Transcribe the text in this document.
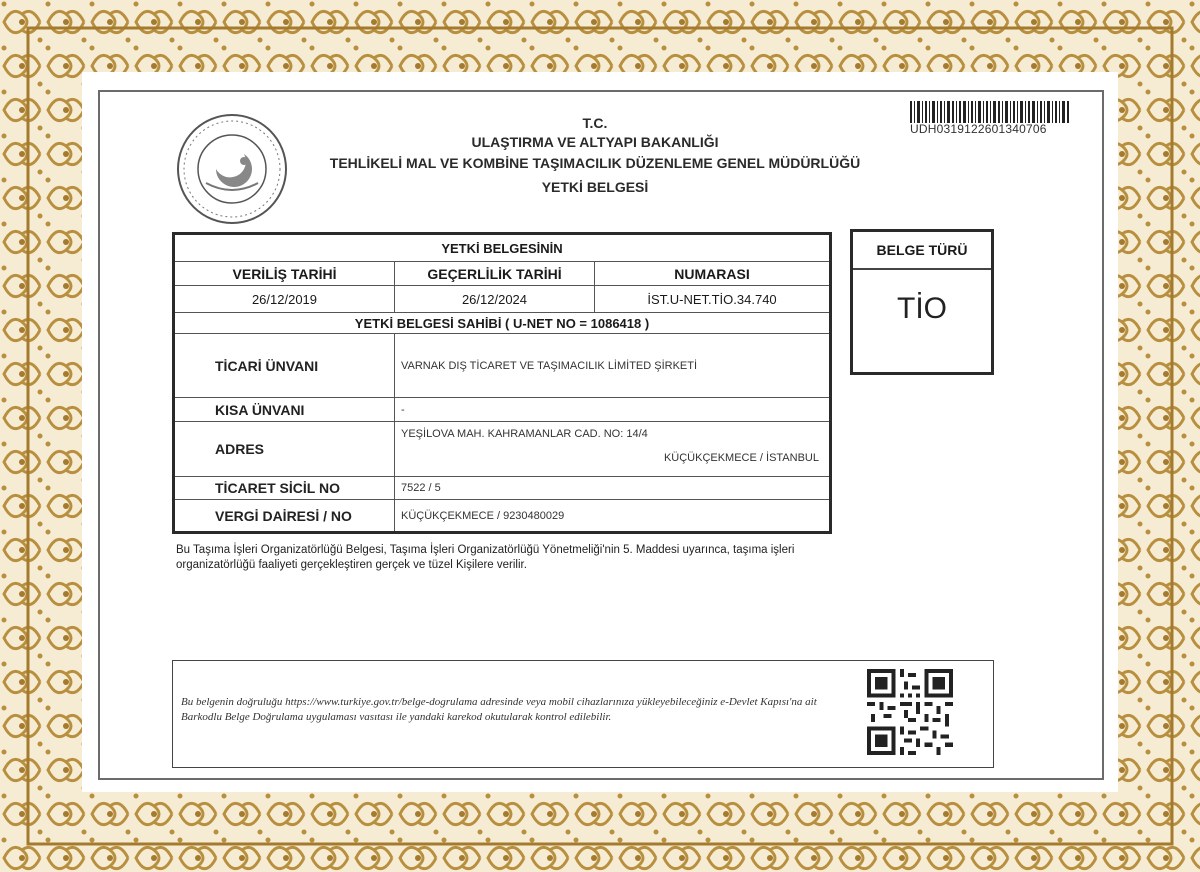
T.C.
ULAŞTIRMA VE ALTYAPI BAKANLIĞI
TEHLİKELİ MAL VE KOMBİNE TAŞIMACILIK DÜZENLEME GENEL MÜDÜRLÜĞÜ
YETKİ BELGESİ
UDH0319122601340706
YETKİ BELGESİNİN
VERİLİŞ TARİHİ	GEÇERLİLİK TARİHİ	NUMARASI
26/12/2019	26/12/2024	İST.U-NET.TİO.34.740
YETKİ BELGESİ SAHİBİ ( U-NET NO = 1086418 )
TİCARİ ÜNVANI	VARNAK DIŞ TİCARET VE TAŞIMACILIK LİMİTED ŞİRKETİ
KISA ÜNVANI	-
ADRES
YEŞİLOVA MAH. KAHRAMANLAR CAD. NO: 14/4
KÜÇÜKÇEKMECE / İSTANBUL
TİCARET SİCİL NO	7522 / 5
VERGİ DAİRESİ / NO	KÜÇÜKÇEKMECE / 9230480029
BELGE TÜRÜ
TİO
Bu Taşıma İşleri Organizatörlüğü Belgesi, Taşıma İşleri Organizatörlüğü Yönetmeliği'nin 5. Maddesi uyarınca, taşıma işleri organizatörlüğü faaliyeti gerçekleştiren gerçek ve tüzel Kişilere verilir.
Bu belgenin doğruluğu https://www.turkiye.gov.tr/belge-dogrulama adresinde veya mobil cihazlarınıza yükleyebileceğiniz e-Devlet Kapısı'na ait Barkodlu Belge Doğrulama uygulaması vasıtası ile yandaki karekod okutularak kontrol edilebilir.
